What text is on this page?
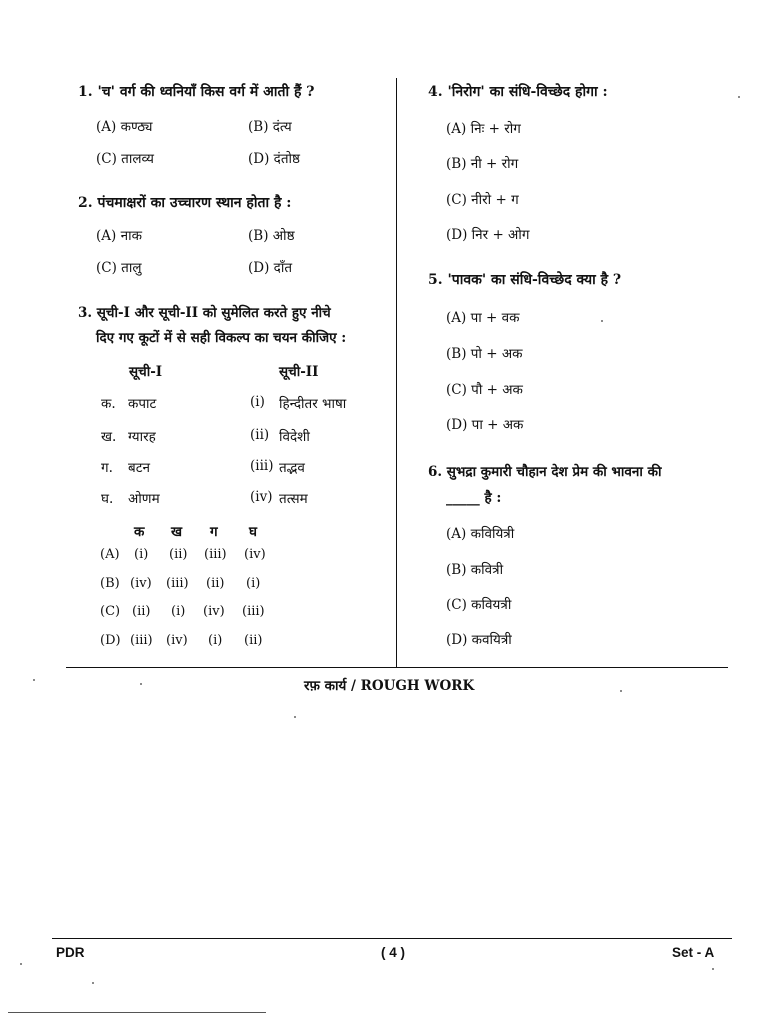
1. 'च' वर्ग की ध्वनियाँ किस वर्ग में आती हैं ?
(A) कण्ठ्य	(B) दंत्य
(C) तालव्य	(D) दंतोष्ठ
2. पंचमाक्षरों का उच्चारण स्थान होता है :
(A) नाक	(B) ओष्ठ
(C) तालु	(D) दाँत
3. सूची-I और सूची-II को सुमेलित करते हुए नीचे
दिए गए कूटों में से सही विकल्प का चयन कीजिए :
सूची-I	सूची-II
क. कपाट	(i) हिन्दीतर भाषा
ख. ग्यारह	(ii) विदेशी
ग. बटन	(iii) तद्भव
घ. ओणम	(iv) तत्सम
क ख ग घ
(A) (i) (ii) (iii) (iv)
(B) (iv) (iii) (ii) (i)
(C) (ii) (i) (iv) (iii)
(D) (iii) (iv) (i) (ii)
4. 'निरोग' का संधि-विच्छेद होगा :
(A) निः + रोग
(B) नी + रोग
(C) नीरो + ग
(D) निर + ओग
5. 'पावक' का संधि-विच्छेद क्या है ?
(A) पा + वक
(B) पो + अक
(C) पौ + अक
(D) पा + अक
6. सुभद्रा कुमारी चौहान देश प्रेम की भावना की
_____ है :
(A) कवियित्री
(B) कवित्री
(C) कवियत्री
(D) कवयित्री
रफ़ कार्य / ROUGH WORK
PDR	( 4 )	Set - A
